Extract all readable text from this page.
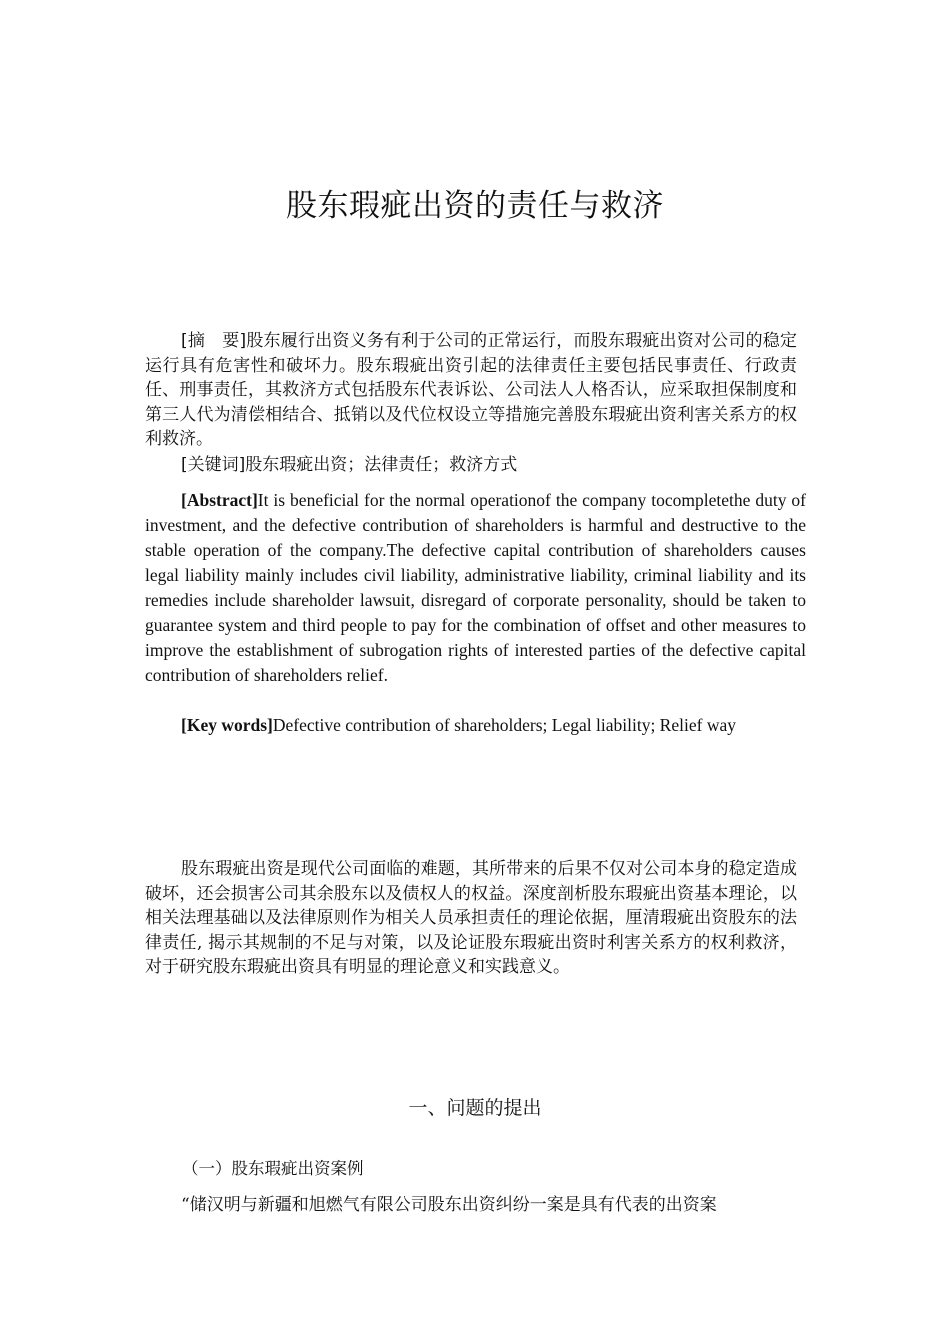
股东瑕疵出资的责任与救济

[摘　要]股东履行出资义务有利于公司的正常运行，而股东瑕疵出资对公司的稳定运行具有危害性和破坏力。股东瑕疵出资引起的法律责任主要包括民事责任、行政责任、刑事责任，其救济方式包括股东代表诉讼、公司法人人格否认，应采取担保制度和第三人代为清偿相结合、抵销以及代位权设立等措施完善股东瑕疵出资利害关系方的权利救济。

[关键词]股东瑕疵出资；法律责任；救济方式

[Abstract]It is beneficial for the normal operationof the company tocompletethe duty of investment, and the defective contribution of shareholders is harmful and destructive to the stable operation of the company.The defective capital contribution of shareholders causes legal liability mainly includes civil liability, administrative liability, criminal liability and its remedies include shareholder lawsuit, disregard of corporate personality, should be taken to guarantee system and third people to pay for the combination of offset and other measures to improve the establishment of subrogation rights of interested parties of the defective capital contribution of shareholders relief.

[Key words]Defective contribution of shareholders; Legal liability; Relief way

股东瑕疵出资是现代公司面临的难题，其所带来的后果不仅对公司本身的稳定造成破坏，还会损害公司其余股东以及债权人的权益。深度剖析股东瑕疵出资基本理论，以相关法理基础以及法律原则作为相关人员承担责任的理论依据，厘清瑕疵出资股东的法律责任, 揭示其规制的不足与对策，以及论证股东瑕疵出资时利害关系方的权利救济，对于研究股东瑕疵出资具有明显的理论意义和实践意义。

一、问题的提出
（一）股东瑕疵出资案例

“储汉明与新疆和旭燃气有限公司股东出资纠纷一案是具有代表的出资案
